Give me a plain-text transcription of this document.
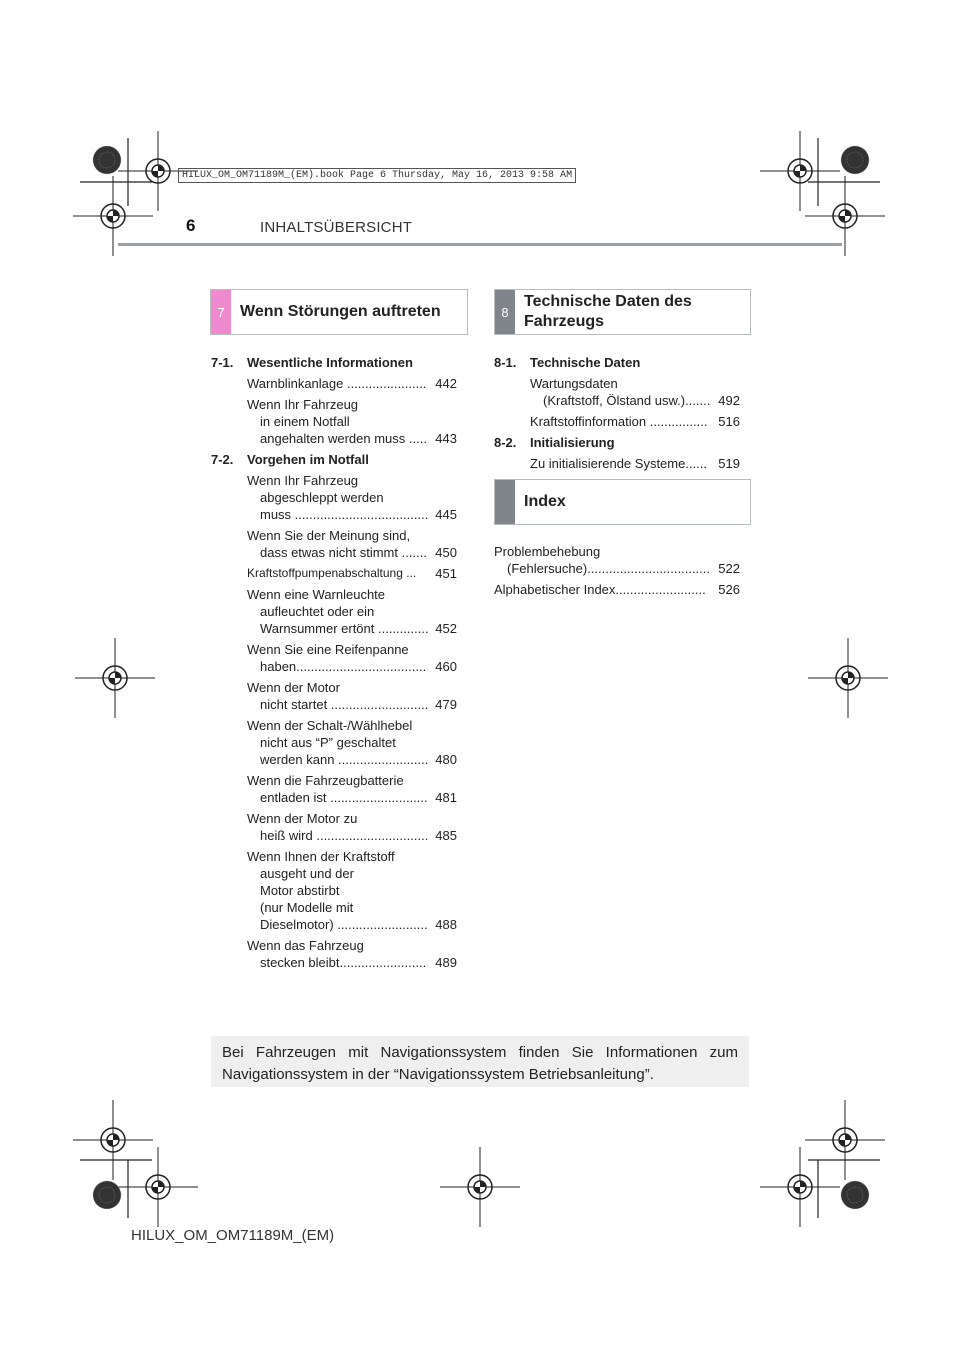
HILUX_OM_OM71189M_(EM).book Page 6 Thursday, May 16, 2013 9:58 AM
6	INHALTSÜBERSICHT
7 Wenn Störungen auftreten	8
Technische Daten des
Fahrzeugs
Index
7-1.	Wesentliche Informationen
Warnblinkanlage ...................... 442
Wenn Ihr Fahrzeug
in einem Notfall
angehalten werden muss ..... 443
7-2.	Vorgehen im Notfall
Wenn Ihr Fahrzeug
abgeschleppt werden
muss ..................................... 445
Wenn Sie der Meinung sind,
dass etwas nicht stimmt ....... 450
Kraftstoffpumpenabschaltung ...	451
Wenn eine Warnleuchte
aufleuchtet oder ein
Warnsummer ertönt .............. 452
Wenn Sie eine Reifenpanne
haben.................................... 460
Wenn der Motor
nicht startet ........................... 479
Wenn der Schalt-/Wählhebel
nicht aus “P” geschaltet
werden kann ......................... 480
Wenn die Fahrzeugbatterie
entladen ist ........................... 481
Wenn der Motor zu
heiß wird ............................... 485
Wenn Ihnen der Kraftstoff
ausgeht und der
Motor abstirbt
(nur Modelle mit
Dieselmotor) ......................... 488
Wenn das Fahrzeug
stecken bleibt........................ 489
8-1.	Technische Daten
Wartungsdaten
(Kraftstoff, Ölstand usw.)....... 492
Kraftstoffinformation ................ 516
8-2.	Initialisierung
Zu initialisierende Systeme...... 519
Problembehebung
(Fehlersuche).................................. 522
Alphabetischer Index......................... 526
Bei Fahrzeugen mit Navigationssystem finden Sie Informationen zum Navigationssystem in der “Navigationssystem Betriebsanleitung”.
HILUX_OM_OM71189M_(EM)
